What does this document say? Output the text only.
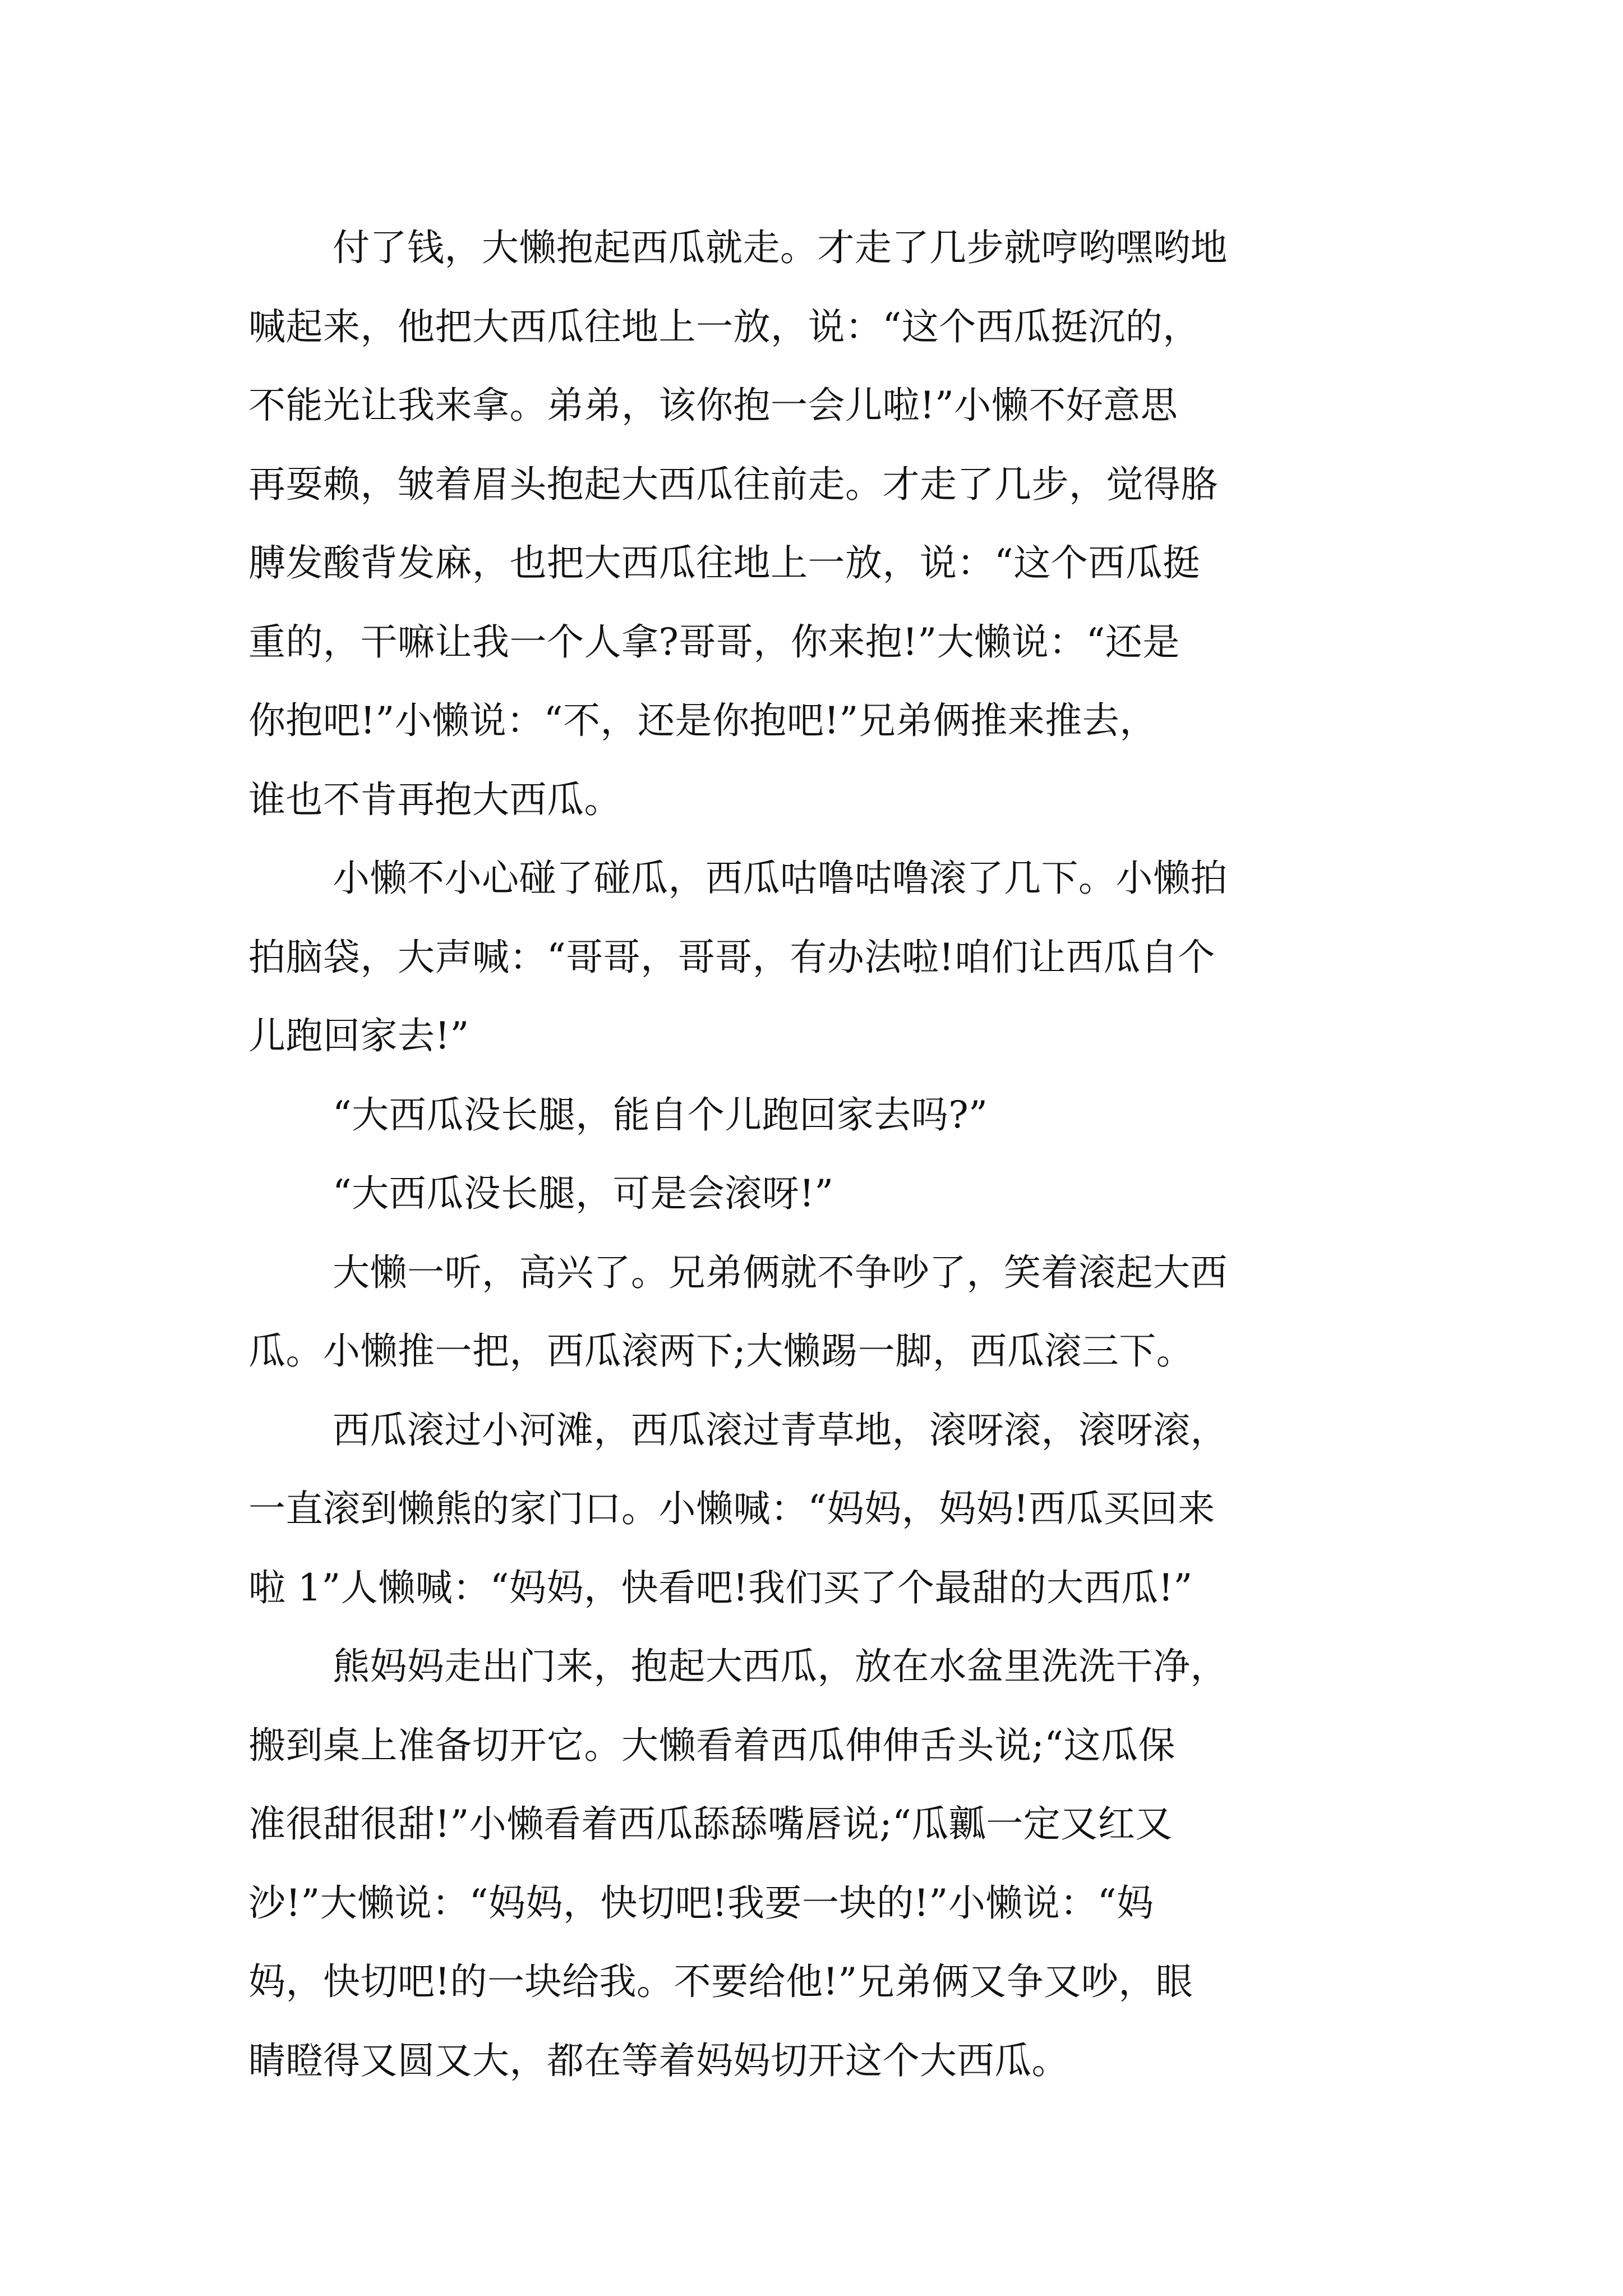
付了钱，大懒抱起西瓜就走。才走了几步就哼哟嘿哟地
喊起来，他把大西瓜往地上一放，说：“这个西瓜挺沉的，
不能光让我来拿。弟弟，该你抱一会儿啦!”小懒不好意思
再耍赖，皱着眉头抱起大西瓜往前走。才走了几步，觉得胳
膊发酸背发麻，也把大西瓜往地上一放，说：“这个西瓜挺
重的，干嘛让我一个人拿?哥哥，你来抱!”大懒说：“还是
你抱吧!”小懒说：“不，还是你抱吧!”兄弟俩推来推去，
谁也不肯再抱大西瓜。
小懒不小心碰了碰瓜，西瓜咕噜咕噜滚了几下。小懒拍
拍脑袋，大声喊：“哥哥，哥哥，有办法啦!咱们让西瓜自个
儿跑回家去!”
“大西瓜没长腿，能自个儿跑回家去吗?”
“大西瓜没长腿，可是会滚呀!”
大懒一听，高兴了。兄弟俩就不争吵了，笑着滚起大西
瓜。小懒推一把，西瓜滚两下;大懒踢一脚，西瓜滚三下。
西瓜滚过小河滩，西瓜滚过青草地，滚呀滚，滚呀滚，
一直滚到懒熊的家门口。小懒喊：“妈妈，妈妈!西瓜买回来
啦 1”人懒喊：“妈妈，快看吧!我们买了个最甜的大西瓜!”
熊妈妈走出门来，抱起大西瓜，放在水盆里洗洗干净，
搬到桌上准备切开它。大懒看着西瓜伸伸舌头说;“这瓜保
准很甜很甜!”小懒看着西瓜舔舔嘴唇说;“瓜瓤一定又红又
沙!”大懒说：“妈妈，快切吧!我要一块的!”小懒说：“妈
妈，快切吧!的一块给我。不要给他!”兄弟俩又争又吵，眼
睛瞪得又圆又大，都在等着妈妈切开这个大西瓜。
